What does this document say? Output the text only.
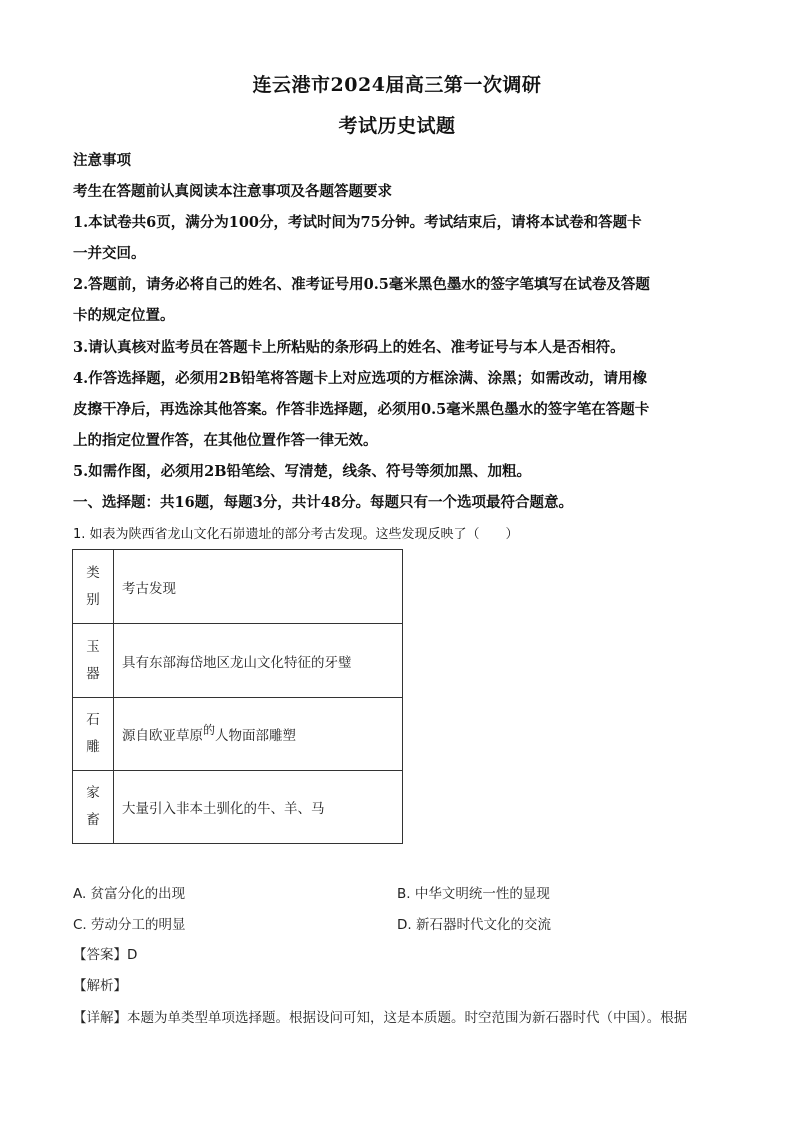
连云港市2024届高三第一次调研
考试历史试题
注意事项
考生在答题前认真阅读本注意事项及各题答题要求
1.本试卷共6页，满分为100分，考试时间为75分钟。考试结束后，请将本试卷和答题卡
一并交回。
2.答题前，请务必将自己的姓名、准考证号用0.5毫米黑色墨水的签字笔填写在试卷及答题
卡的规定位置。
3.请认真核对监考员在答题卡上所粘贴的条形码上的姓名、准考证号与本人是否相符。
4.作答选择题，必须用2B铅笔将答题卡上对应选项的方框涂满、涂黑；如需改动，请用橡
皮擦干净后，再选涂其他答案。作答非选择题，必须用0.5毫米黑色墨水的签字笔在答题卡
上的指定位置作答，在其他位置作答一律无效。
5.如需作图，必须用2B铅笔绘、写清楚，线条、符号等须加黑、加粗。
一、选择题：共16题，每题3分，共计48分。每题只有一个选项最符合题意。
1. 如表为陕西省龙山文化石峁遗址的部分考古发现。这些发现反映了（　　）
类
别	考古发现

玉
器	具有东部海岱地区龙山文化特征的牙璧

石
雕	源自欧亚草原的人物面部雕塑

家
畜	大量引入非本土驯化的牛、羊、马
A. 贫富分化的出现	B. 中华文明统一性的显现
C. 劳动分工的明显	D. 新石器时代文化的交流
【答案】D
【解析】
【详解】本题为单类型单项选择题。根据设问可知，这是本质题。时空范围为新石器时代（中国）。根据
